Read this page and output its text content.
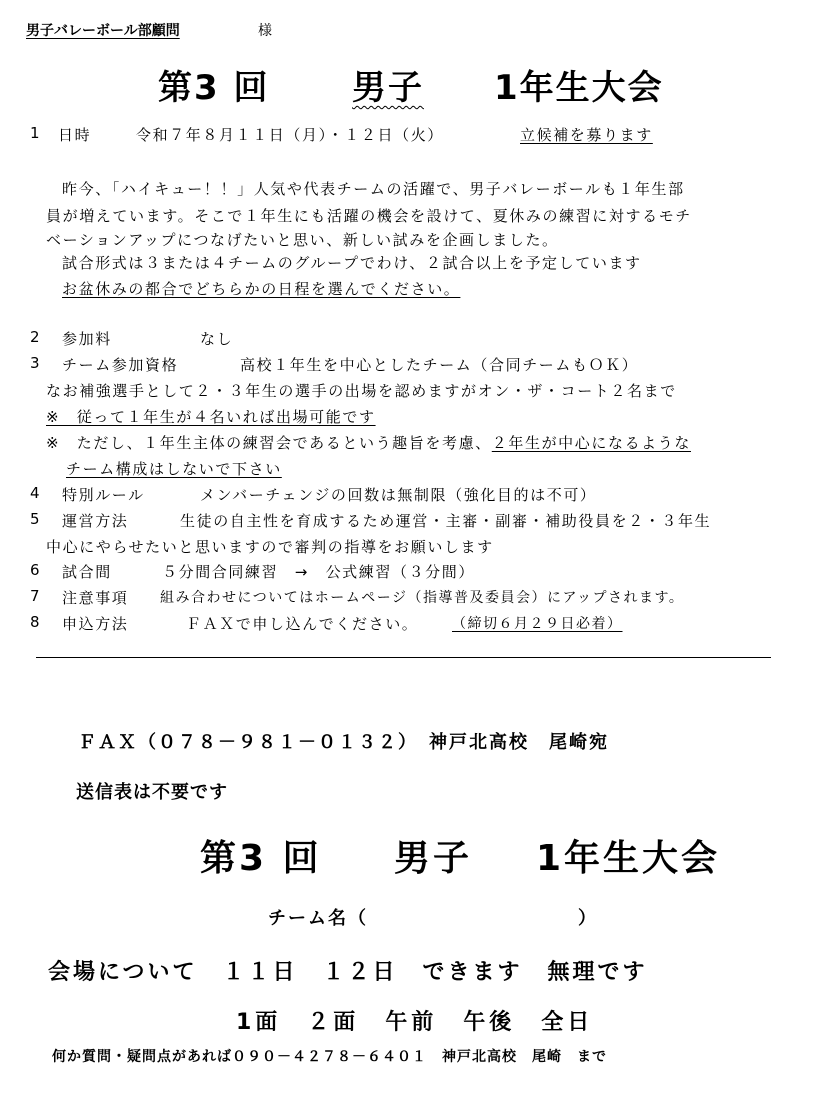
男子バレーボール部顧問	様
第3 回 男子 1年生大会
1 日時	令和７年８月１１日（月）・１２日（火）	立候補を募ります
昨今、「ハイキュー！！」人気や代表チームの活躍で、男子バレーボールも１年生部
員が増えています。そこで１年生にも活躍の機会を設けて、夏休みの練習に対するモチ
ベーションアップにつなげたいと思い、新しい試みを企画しました。
試合形式は３または４チームのグループでわけ、２試合以上を予定しています
お盆休みの都合でどちらかの日程を選んでください。
2 参加料	なし
3 チーム参加資格	高校１年生を中心としたチーム（合同チームもＯＫ）
なお補強選手として２・３年生の選手の出場を認めますがオン・ザ・コート２名まで
※　従って１年生が４名いれば出場可能です
※　ただし、１年生主体の練習会であるという趣旨を考慮、２年生が中心になるような
チーム構成はしないで下さい
4 特別ルール	メンバーチェンジの回数は無制限（強化目的は不可）
5 運営方法	生徒の自主性を育成するため運営・主審・副審・補助役員を２・３年生
中心にやらせたいと思いますので審判の指導をお願いします
6 試合間	５分間合同練習　→　公式練習（３分間）
7 注意事項 組み合わせについてはホームページ（指導普及委員会）にアップされます。
8 申込方法	ＦＡＸで申し込んでください。 （締切６月２９日必着）
ＦＡＸ（０７８－９８１－０１３２）　神戸北高校　尾崎宛
送信表は不要です
第3 回 男子 1年生大会
チーム名（	）
会場について　１１日　１２日　できます　無理です
1面　２面　午前　午後　全日
何か質問・疑問点があれば０９０－４２７８－６４０１　神戸北高校　尾崎　まで
